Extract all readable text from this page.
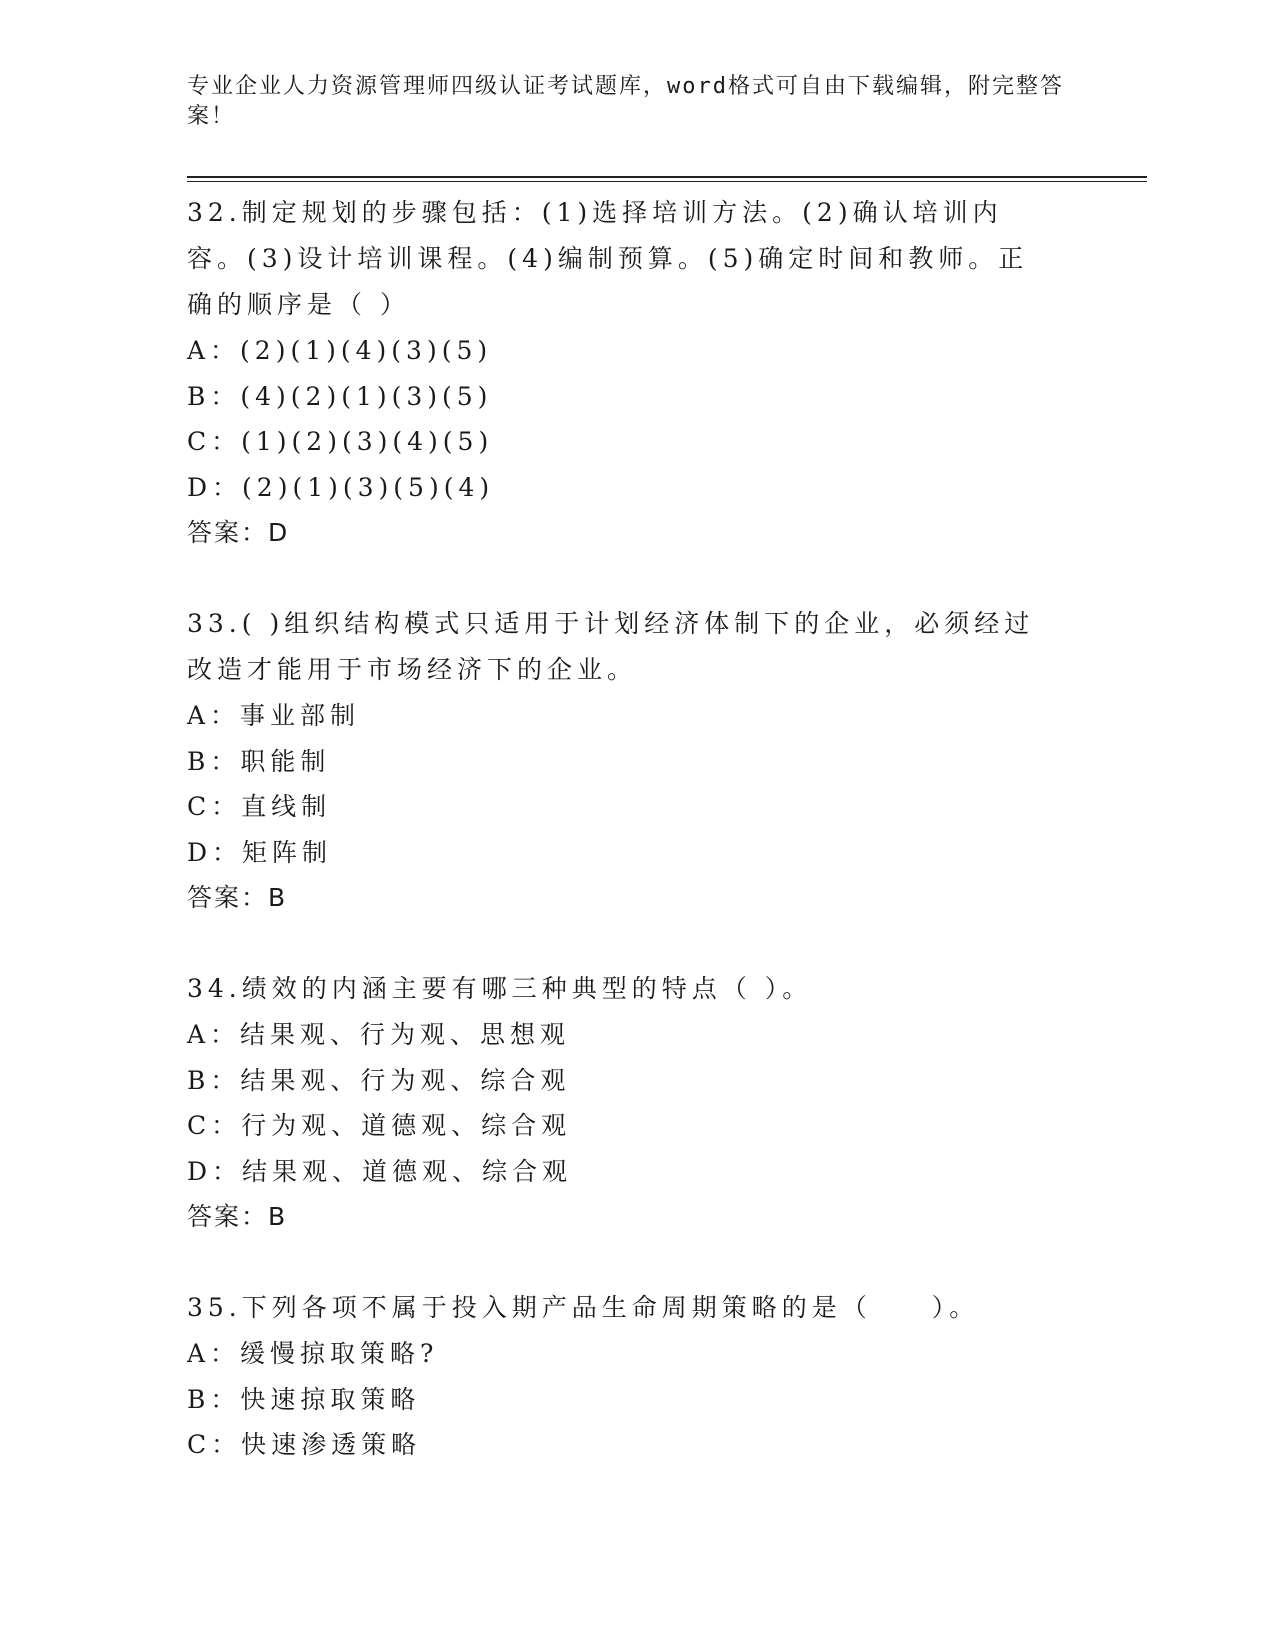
专业企业人力资源管理师四级认证考试题库，word格式可自由下载编辑，附完整答案！
32.制定规划的步骤包括：(1)选择培训方法。(2)确认培训内容。(3)设计培训课程。(4)编制预算。(5)确定时间和教师。正确的顺序是（ ）
A：(2)(1)(4)(3)(5)
B：(4)(2)(1)(3)(5)
C：(1)(2)(3)(4)(5)
D：(2)(1)(3)(5)(4)
答案：D
33.( )组织结构模式只适用于计划经济体制下的企业，必须经过改造才能用于市场经济下的企业。
A：事业部制
B：职能制
C：直线制
D：矩阵制
答案：B
34.绩效的内涵主要有哪三种典型的特点（ ）。
A：结果观、行为观、思想观
B：结果观、行为观、综合观
C：行为观、道德观、综合观
D：结果观、道德观、综合观
答案：B
35.下列各项不属于投入期产品生命周期策略的是（　　）。
A：缓慢掠取策略?
B：快速掠取策略
C：快速渗透策略
